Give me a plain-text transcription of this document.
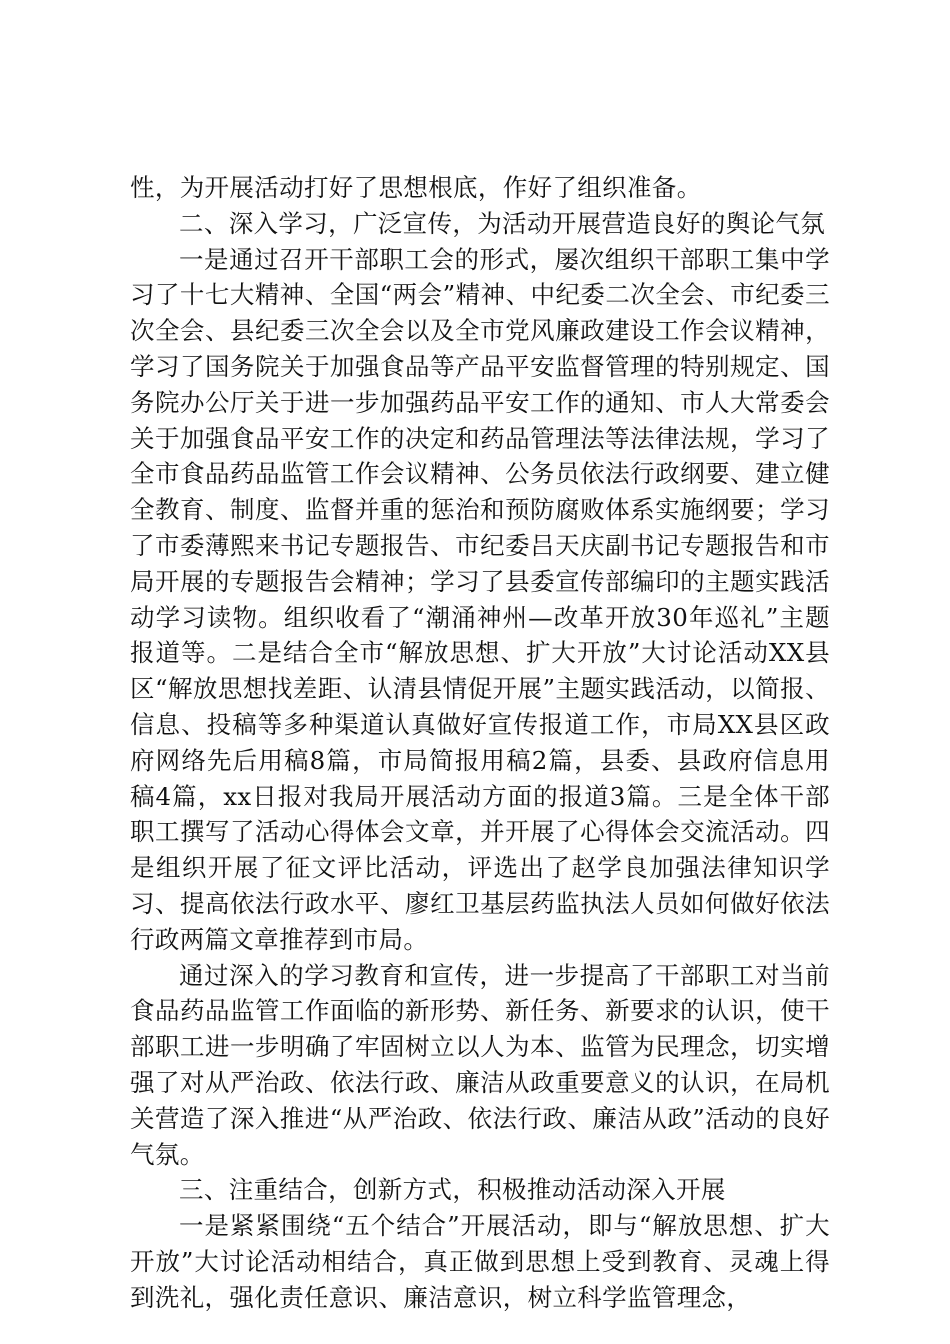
性，为开展活动打好了思想根底，作好了组织准备。

二、深入学习，广泛宣传，为活动开展营造良好的舆论气氛

一是通过召开干部职工会的形式，屡次组织干部职工集中学习了十七大精神、全国“两会”精神、中纪委二次全会、市纪委三次全会、县纪委三次全会以及全市党风廉政建设工作会议精神，学习了国务院关于加强食品等产品平安监督管理的特别规定、国务院办公厅关于进一步加强药品平安工作的通知、市人大常委会关于加强食品平安工作的决定和药品管理法等法律法规，学习了全市食品药品监管工作会议精神、公务员依法行政纲要、建立健全教育、制度、监督并重的惩治和预防腐败体系实施纲要；学习了市委薄熙来书记专题报告、市纪委吕天庆副书记专题报告和市局开展的专题报告会精神；学习了县委宣传部编印的主题实践活动学习读物。组织收看了“潮涌神州—改革开放30年巡礼”主题报道等。二是结合全市“解放思想、扩大开放”大讨论活动XX县区“解放思想找差距、认清县情促开展”主题实践活动，以简报、信息、投稿等多种渠道认真做好宣传报道工作，市局XX县区政府网络先后用稿8篇，市局简报用稿2篇，县委、县政府信息用稿4篇，xx日报对我局开展活动方面的报道3篇。三是全体干部职工撰写了活动心得体会文章，并开展了心得体会交流活动。四是组织开展了征文评比活动，评选出了赵学良加强法律知识学习、提高依法行政水平、廖红卫基层药监执法人员如何做好依法行政两篇文章推荐到市局。

通过深入的学习教育和宣传，进一步提高了干部职工对当前食品药品监管工作面临的新形势、新任务、新要求的认识，使干部职工进一步明确了牢固树立以人为本、监管为民理念，切实增强了对从严治政、依法行政、廉洁从政重要意义的认识，在局机关营造了深入推进“从严治政、依法行政、廉洁从政”活动的良好气氛。

三、注重结合，创新方式，积极推动活动深入开展

一是紧紧围绕“五个结合”开展活动，即与“解放思想、扩大开放”大讨论活动相结合，真正做到思想上受到教育、灵魂上得到洗礼，强化责任意识、廉洁意识，树立科学监管理念，
